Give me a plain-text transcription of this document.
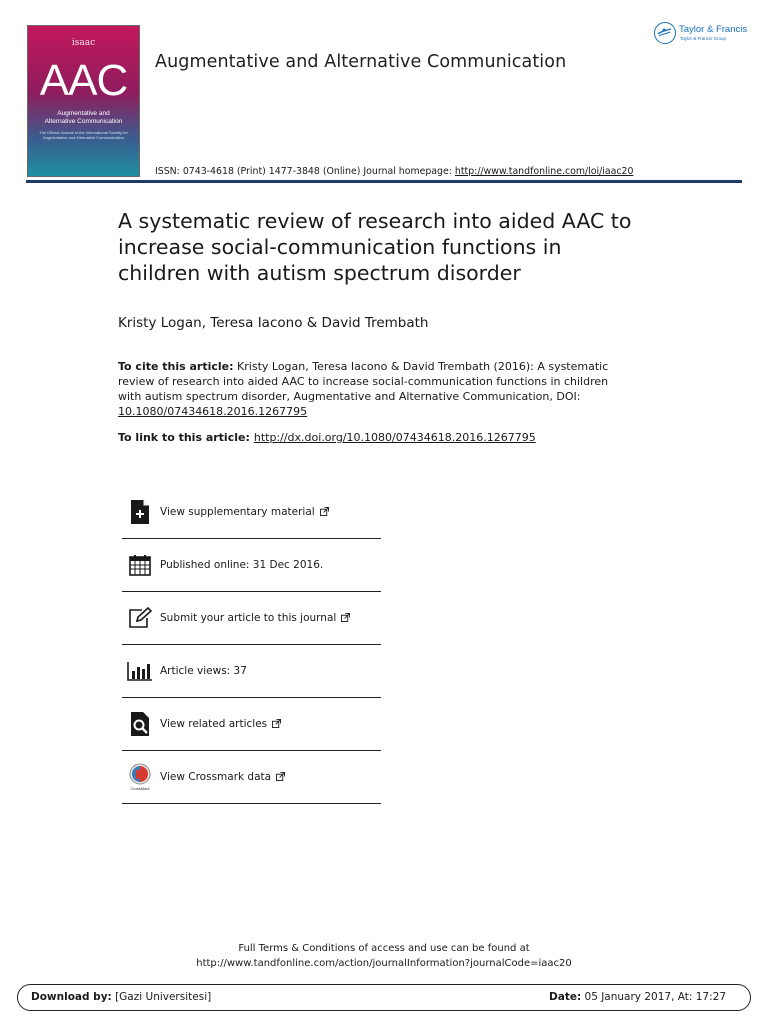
isaac
AAC
Augmentative and
Alternative Communication
The Official Journal of the International Society for Augmentative and Alternative Communication
Augmentative and Alternative Communication
Taylor & Francis
Taylor & Francis Group
ISSN: 0743-4618 (Print) 1477-3848 (Online) Journal homepage: http://www.tandfonline.com/loi/iaac20
A systematic review of research into aided AAC to increase social-communication functions in children with autism spectrum disorder
Kristy Logan, Teresa Iacono & David Trembath

To cite this article: Kristy Logan, Teresa Iacono & David Trembath (2016): A systematic review of research into aided AAC to increase social-communication functions in children with autism spectrum disorder, Augmentative and Alternative Communication, DOI: 10.1080/07434618.2016.1267795

To link to this article: http://dx.doi.org/10.1080/07434618.2016.1267795
View supplementary material
Published online: 31 Dec 2016.
Submit your article to this journal
Article views: 37
View related articles
CrossMark
View Crossmark data
Full Terms & Conditions of access and use can be found at
http://www.tandfonline.com/action/journalInformation?journalCode=iaac20
Download by: [Gazi Universitesi]	Date: 05 January 2017, At: 17:27
